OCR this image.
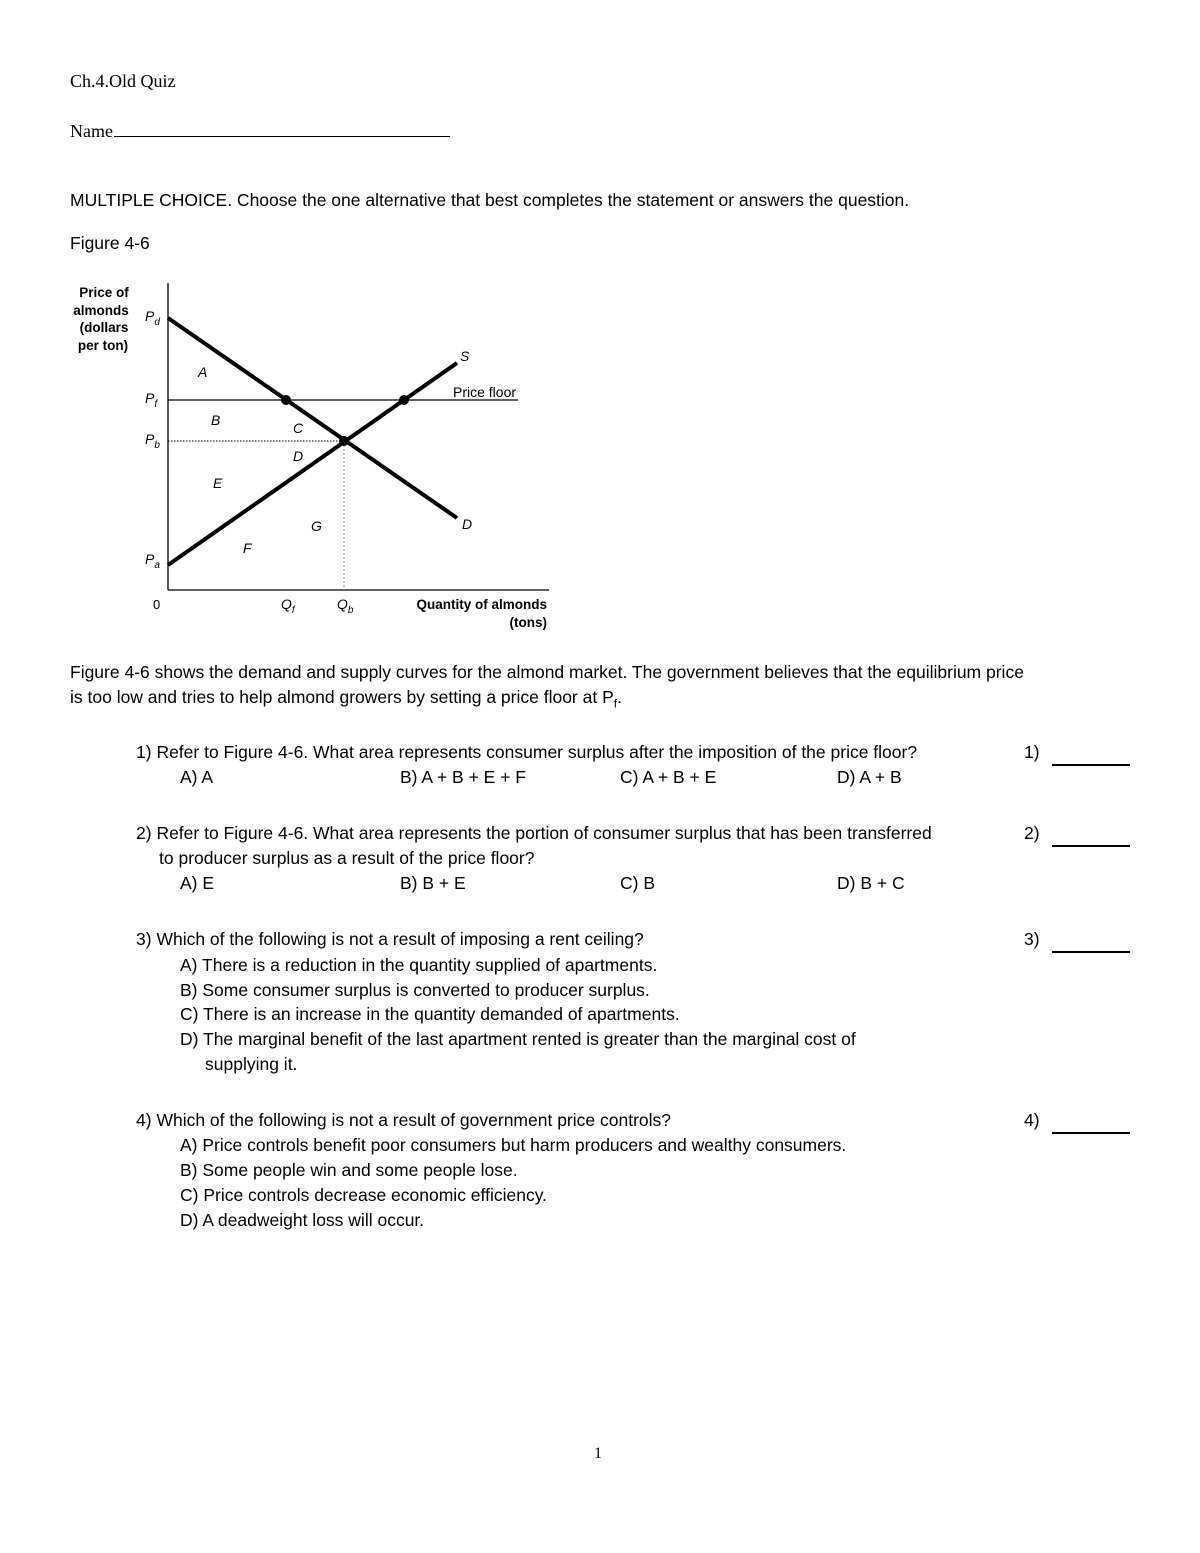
Ch.4.Old Quiz
Name
MULTIPLE CHOICE. Choose the one alternative that best completes the statement or answers the question.
Figure 4-6
Price of
almonds
(dollars
per ton)
$P_d$
$P_f$
$P_b$
$P_a$
0	$Q_f$	$Q_b$	Quantity of almonds
(tons)
S
D
Price floor
A
B	C
D
E
F
G
Figure 4-6 shows the demand and supply curves for the almond market. The government believes that the equilibrium price
is too low and tries to help almond growers by setting a price floor at $P_f$.
1) Refer to Figure 4-6. What area represents consumer surplus after the imposition of the price floor?
A) A	B) A + B + E + F	C) A + B + E	D) A + B
1)
2) Refer to Figure 4-6. What area represents the portion of consumer surplus that has been transferred
to producer surplus as a result of the price floor?
A) E	B) B + E	C) B	D) B + C
2)
3) Which of the following is not a result of imposing a rent ceiling?
A) There is a reduction in the quantity supplied of apartments.
B) Some consumer surplus is converted to producer surplus.
C) There is an increase in the quantity demanded of apartments.
D) The marginal benefit of the last apartment rented is greater than the marginal cost of
supplying it.
3)
4) Which of the following is not a result of government price controls?
A) Price controls benefit poor consumers but harm producers and wealthy consumers.
B) Some people win and some people lose.
C) Price controls decrease economic efficiency.
D) A deadweight loss will occur.
4)
1
